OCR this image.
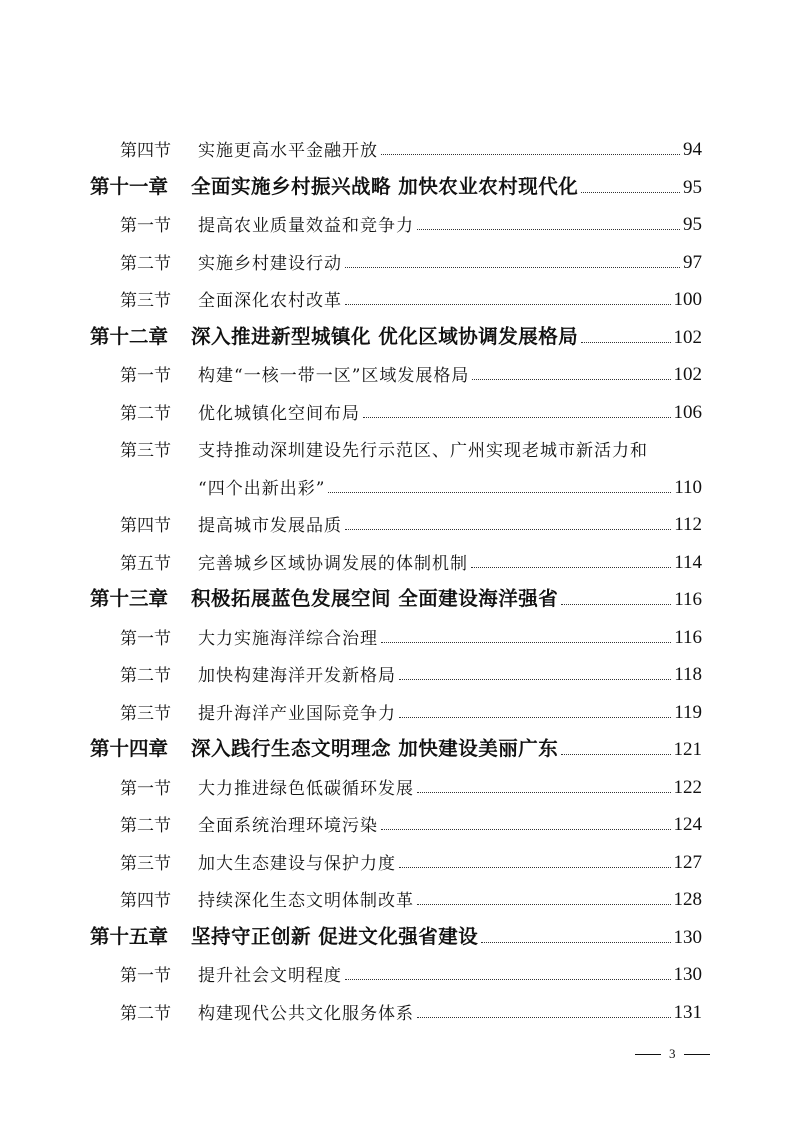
第四节	实施更高水平金融开放	94
第十一章	全面实施乡村振兴战略 加快农业农村现代化	95
第一节	提高农业质量效益和竞争力	95
第二节	实施乡村建设行动	97
第三节	全面深化农村改革	100
第十二章	深入推进新型城镇化 优化区域协调发展格局	102
第一节	构建“一核一带一区”区域发展格局	102
第二节	优化城镇化空间布局	106
第三节	支持推动深圳建设先行示范区、广州实现老城市新活力和
“四个出新出彩”	110
第四节	提高城市发展品质	112
第五节	完善城乡区域协调发展的体制机制	114
第十三章	积极拓展蓝色发展空间 全面建设海洋强省	116
第一节	大力实施海洋综合治理	116
第二节	加快构建海洋开发新格局	118
第三节	提升海洋产业国际竞争力	119
第十四章	深入践行生态文明理念 加快建设美丽广东	121
第一节	大力推进绿色低碳循环发展	122
第二节	全面系统治理环境污染	124
第三节	加大生态建设与保护力度	127
第四节	持续深化生态文明体制改革	128
第十五章	坚持守正创新 促进文化强省建设	130
第一节	提升社会文明程度	130
第二节	构建现代公共文化服务体系	131
3
